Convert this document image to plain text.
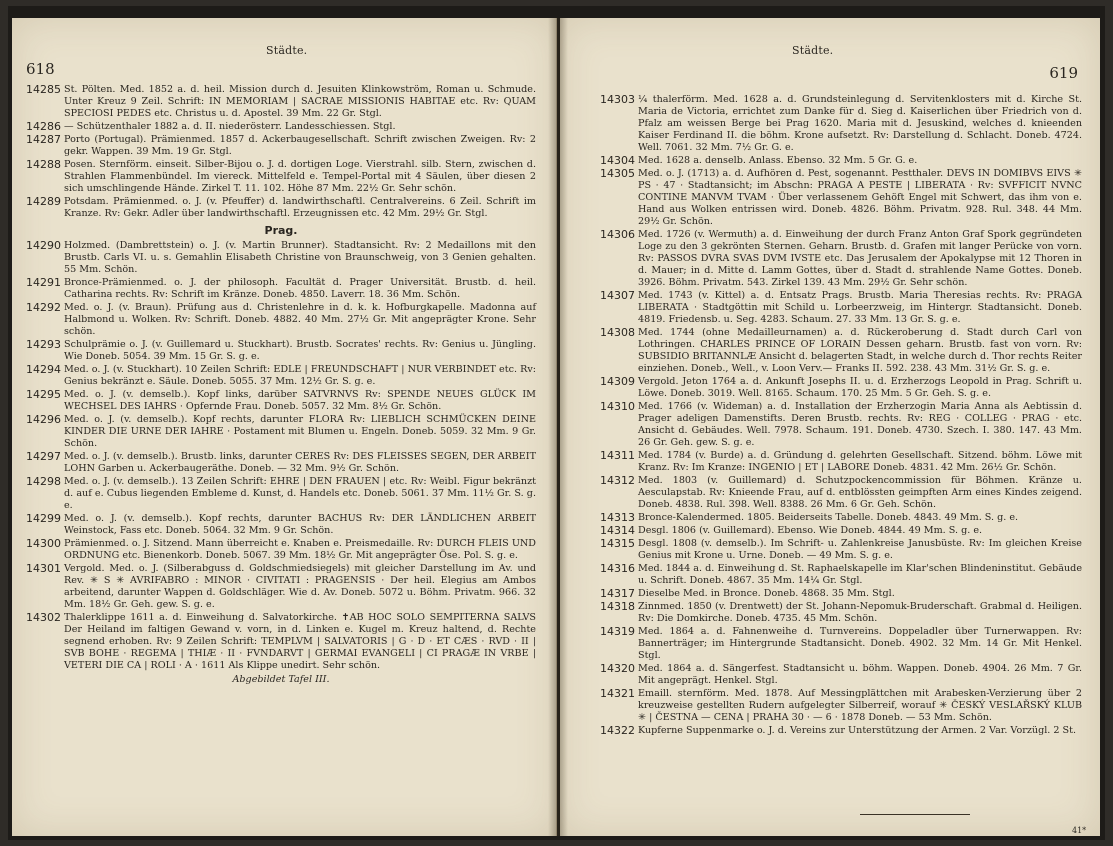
618
Städte.
14285 St. Pölten. Med. 1852 a. d. heil. Mission durch d. Jesuiten Klinkowström, Roman u. Schmude. Unter Kreuz 9 Zeil. Schrift: IN MEMORIAM | SACRAE MISSIONIS HABITAE etc. Rv: QUAM SPECIOSI PEDES etc. Christus u. d. Apostel. 39 Mm. 22 Gr. Stgl.
14286 — Schützenthaler 1882 a. d. II. niederösterr. Landesschiessen. Stgl.
14287 Porto (Portugal). Prämienmed. 1857 d. Ackerbaugesellschaft. Schrift zwischen Zweigen. Rv: 2 gekr. Wappen. 39 Mm. 19 Gr. Stgl.
14288 Posen. Sternförm. einseit. Silber-Bijou o. J. d. dortigen Loge. Vierstrahl. silb. Stern, zwischen d. Strahlen Flammenbündel. Im viereck. Mittelfeld e. Tempel-Portal mit 4 Säulen, über diesen 2 sich umschlingende Hände. Zirkel T. 11. 102. Höhe 87 Mm. 22½ Gr. Sehr schön.
14289 Potsdam. Prämienmed. o. J. (v. Pfeuffer) d. landwirthschaftl. Centralvereins. 6 Zeil. Schrift im Kranze. Rv: Gekr. Adler über landwirthschaftl. Erzeugnissen etc. 42 Mm. 29½ Gr. Stgl.
Prag.
14290 Holzmed. (Dambrettstein) o. J. (v. Martin Brunner). Stadtansicht. Rv: 2 Medaillons mit den Brustb. Carls VI. u. s. Gemahlin Elisabeth Christine von Braunschweig, von 3 Genien gehalten. 55 Mm. Schön.
14291 Bronce-Prämienmed. o. J. der philosoph. Facultät d. Prager Universität. Brustb. d. heil. Catharina rechts. Rv: Schrift im Kränze. Doneb. 4850. Laverr. 18. 36 Mm. Schön.
14292 Med. o. J. (v. Braun). Prüfung aus d. Christenlehre in d. k. k. Hofburgkapelle. Madonna auf Halbmond u. Wolken. Rv: Schrift. Doneb. 4882. 40 Mm. 27½ Gr. Mit angeprägter Krone. Sehr schön.
14293 Schulprämie o. J. (v. Guillemard u. Stuckhart). Brustb. Socrates' rechts. Rv: Genius u. Jüngling. Wie Doneb. 5054. 39 Mm. 15 Gr. S. g. e.
14294 Med. o. J. (v. Stuckhart). 10 Zeilen Schrift: EDLE | FREUNDSCHAFT | NUR VERBINDET etc. Rv: Genius bekränzt e. Säule. Doneb. 5055. 37 Mm. 12½ Gr. S. g. e.
14295 Med. o. J. (v. demselb.). Kopf links, darüber SATVRNVS Rv: SPENDE NEUES GLÜCK IM WECHSEL DES IAHRS · Opfernde Frau. Doneb. 5057. 32 Mm. 8½ Gr. Schön.
14296 Med. o. J. (v. demselb.). Kopf rechts, darunter FLORA Rv: LIEBLICH SCHMÜCKEN DEINE KINDER DIE URNE DER IAHRE · Postament mit Blumen u. Engeln. Doneb. 5059. 32 Mm. 9 Gr. Schön.
14297 Med. o. J. (v. demselb.). Brustb. links, darunter CERES Rv: DES FLEISSES SEGEN, DER ARBEIT LOHN Garben u. Ackerbaugeräthe. Doneb. — 32 Mm. 9½ Gr. Schön.
14298 Med. o. J. (v. demselb.). 13 Zeilen Schrift: EHRE | DEN FRAUEN | etc. Rv: Weibl. Figur bekränzt d. auf e. Cubus liegenden Embleme d. Kunst, d. Handels etc. Doneb. 5061. 37 Mm. 11½ Gr. S. g. e.
14299 Med. o. J. (v. demselb.). Kopf rechts, darunter BACHUS Rv: DER LÄNDLICHEN ARBEIT Weinstock, Fass etc. Doneb. 5064. 32 Mm. 9 Gr. Schön.
14300 Prämienmed. o. J. Sitzend. Mann überreicht e. Knaben e. Preismedaille. Rv: DURCH FLEIS UND ORDNUNG etc. Bienenkorb. Doneb. 5067. 39 Mm. 18½ Gr. Mit angeprägter Öse. Pol. S. g. e.
14301 Vergold. Med. o. J. (Silberabguss d. Goldschmiedsiegels) mit gleicher Darstellung im Av. und Rev. ✳ S ✳ AVRIFABRO : MINOR · CIVITATI : PRAGENSIS · Der heil. Elegius am Ambos arbeitend, darunter Wappen d. Goldschläger. Wie d. Av. Doneb. 5072 u. Böhm. Privatm. 966. 32 Mm. 18½ Gr. Geh. gew. S. g. e.
14302 Thalerklippe 1611 a. d. Einweihung d. Salvatorkirche. ✝AB HOC SOLO SEMPITERNA SALVS Der Heiland im faltigen Gewand v. vorn, in d. Linken e. Kugel m. Kreuz haltend, d. Rechte segnend erhoben. Rv: 9 Zeilen Schrift: TEMPLVM | SALVATORIS | G · D · ET CÆS · RVD · II | SVB BOHE · REGEMA | THIÆ · II · FVNDARVT | GERMAI EVANGELI | CI PRAGÆ IN VRBE | VETERI DIE CA | ROLI · A · 1611 Als Klippe unedirt. Sehr schön.
Abgebildet Tafel III.
Städte.
619
14303 ¼ thalerförm. Med. 1628 a. d. Grundsteinlegung d. Servitenklosters mit d. Kirche St. Maria de Victoria, errichtet zum Danke für d. Sieg d. Kaiserlichen über Friedrich von d. Pfalz am weissen Berge bei Prag 1620. Maria mit d. Jesuskind, welches d. knieenden Kaiser Ferdinand II. die böhm. Krone aufsetzt. Rv: Darstellung d. Schlacht. Doneb. 4724. Well. 7061. 32 Mm. 7½ Gr. G. e.
14304 Med. 1628 a. denselb. Anlass. Ebenso. 32 Mm. 5 Gr. G. e.
14305 Med. o. J. (1713) a. d. Aufhören d. Pest, sogenannt. Pestthaler. DEVS IN DOMIBVS EIVS ✳ PS · 47 · Stadtansicht; im Abschn: PRAGA A PESTE | LIBERATA · Rv: SVFFICIT NVNC CONTINE MANVM TVAM · Über verlassenem Gehöft Engel mit Schwert, das ihm von e. Hand aus Wolken entrissen wird. Doneb. 4826. Böhm. Privatm. 928. Rul. 348. 44 Mm. 29½ Gr. Schön.
14306 Med. 1726 (v. Wermuth) a. d. Einweihung der durch Franz Anton Graf Spork gegründeten Loge zu den 3 gekrönten Sternen. Geharn. Brustb. d. Grafen mit langer Perücke von vorn. Rv: PASSOS DVRA SVAS DVM IVSTE etc. Das Jerusalem der Apokalypse mit 12 Thoren in d. Mauer; in d. Mitte d. Lamm Gottes, über d. Stadt d. strahlende Name Gottes. Doneb. 3926. Böhm. Privatm. 543. Zirkel 139. 43 Mm. 29½ Gr. Sehr schön.
14307 Med. 1743 (v. Kittel) a. d. Entsatz Prags. Brustb. Maria Theresias rechts. Rv: PRAGA LIBERATA · Stadtgöttin mit Schild u. Lorbeerzweig, im Hintergr. Stadtansicht. Doneb. 4819. Friedensb. u. Seg. 4283. Schaum. 27. 33 Mm. 13 Gr. S. g. e.
14308 Med. 1744 (ohne Medailleurnamen) a. d. Rückeroberung d. Stadt durch Carl von Lothringen. CHARLES PRINCE OF LORAIN Dessen geharn. Brustb. fast von vorn. Rv: SUBSIDIO BRITANNLÆ Ansicht d. belagerten Stadt, in welche durch d. Thor rechts Reiter einziehen. Doneb., Well., v. Loon Verv.— Franks II. 592. 238. 43 Mm. 31½ Gr. S. g. e.
14309 Vergold. Jeton 1764 a. d. Ankunft Josephs II. u. d. Erzherzogs Leopold in Prag. Schrift u. Löwe. Doneb. 3019. Well. 8165. Schaum. 170. 25 Mm. 5 Gr. Geh. S. g. e.
14310 Med. 1766 (v. Wideman) a. d. Installation der Erzherzogin Maria Anna als Aebtissin d. Prager adeligen Damenstifts. Deren Brustb. rechts. Rv: REG · COLLEG · PRAG · etc. Ansicht d. Gebäudes. Well. 7978. Schaum. 191. Doneb. 4730. Szech. I. 380. 147. 43 Mm. 26 Gr. Geh. gew. S. g. e.
14311 Med. 1784 (v. Burde) a. d. Gründung d. gelehrten Gesellschaft. Sitzend. böhm. Löwe mit Kranz. Rv: Im Kranze: INGENIO | ET | LABORE Doneb. 4831. 42 Mm. 26½ Gr. Schön.
14312 Med. 1803 (v. Guillemard) d. Schutzpockencommission für Böhmen. Kränze u. Aesculapstab. Rv: Knieende Frau, auf d. entblössten geimpften Arm eines Kindes zeigend. Doneb. 4838. Rul. 398. Well. 8388. 26 Mm. 6 Gr. Geh. Schön.
14313 Bronce-Kalendermed. 1805. Beiderseits Tabelle. Doneb. 4843. 49 Mm. S. g. e.
14314 Desgl. 1806 (v. Guillemard). Ebenso. Wie Doneb. 4844. 49 Mm. S. g. e.
14315 Desgl. 1808 (v. demselb.). Im Schrift- u. Zahlenkreise Janusbüste. Rv: Im gleichen Kreise Genius mit Krone u. Urne. Doneb. — 49 Mm. S. g. e.
14316 Med. 1844 a. d. Einweihung d. St. Raphaelskapelle im Klar'schen Blindeninstitut. Gebäude u. Schrift. Doneb. 4867. 35 Mm. 14¼ Gr. Stgl.
14317 Dieselbe Med. in Bronce. Doneb. 4868. 35 Mm. Stgl.
14318 Zinnmed. 1850 (v. Drentwett) der St. Johann-Nepomuk-Bruderschaft. Grabmal d. Heiligen. Rv: Die Domkirche. Doneb. 4735. 45 Mm. Schön.
14319 Med. 1864 a. d. Fahnenweihe d. Turnvereins. Doppeladler über Turnerwappen. Rv: Bannerträger; im Hintergrunde Stadtansicht. Doneb. 4902. 32 Mm. 14 Gr. Mit Henkel. Stgl.
14320 Med. 1864 a. d. Sängerfest. Stadtansicht u. böhm. Wappen. Doneb. 4904. 26 Mm. 7 Gr. Mit angeprägt. Henkel. Stgl.
14321 Emaill. sternförm. Med. 1878. Auf Messingplättchen mit Arabesken-Verzierung über 2 kreuzweise gestellten Rudern aufgelegter Silberreif, worauf ✳ ČESKÝ VESLAŘSKÝ KLUB ✳ | ČESTNA — CENA | PRAHA 30 · — 6 · 1878 Doneb. — 53 Mm. Schön.
14322 Kupferne Suppenmarke o. J. d. Vereins zur Unterstützung der Armen. 2 Var. Vorzügl. 2 St.
41*
